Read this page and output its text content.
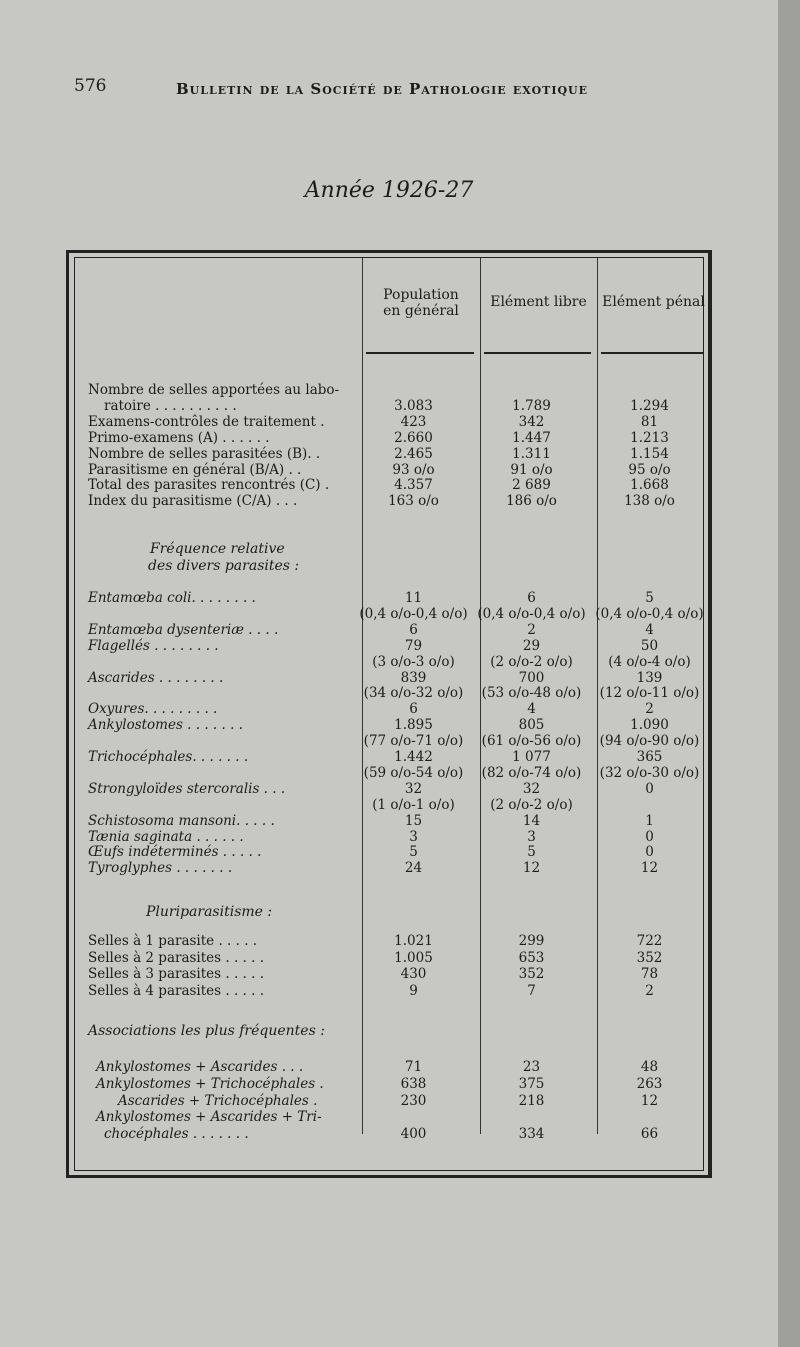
576	Bulletin de la Société de Pathologie exotique
Année 1926-27
Population
en général
Elément libre	Elément pénal
Nombre de selles apportées au labo-
ratoire . . . . . . . . . .	3.083	1.789	1.294
Examens-contrôles de traitement .	423	342	81
Primo-examens (A) . . . . . .	2.660	1.447	1.213
Nombre de selles parasitées (B). .	2.465	1.311	1.154
Parasitisme en général (B/A) . .	93 o/o	91 o/o	95 o/o
Total des parasites rencontrés (C) .	4.357	2 689	1.668
Index du parasitisme (C/A) . . .	163 o/o	186 o/o	138 o/o
Fréquence relative
des divers parasites :
Entamœba coli. . . . . . . .	11	6	5
(0,4 o/o-0,4 o/o) (0,4 o/o-0,4 o/o) (0,4 o/o-0,4 o/o)
Entamœba dysenteriæ . . . .	6	2	4
Flagellés . . . . . . . .	79	29	50
(3 o/o-3 o/o)	(2 o/o-2 o/o)	(4 o/o-4 o/o)
Ascarides . . . . . . . .	839	700	139
(34 o/o-32 o/o)	(53 o/o-48 o/o)	(12 o/o-11 o/o)
Oxyures. . . . . . . . .	6	4	2
Ankylostomes . . . . . . .	1.895	805	1.090
(77 o/o-71 o/o)	(61 o/o-56 o/o)	(94 o/o-90 o/o)
Trichocéphales. . . . . . .	1.442	1 077	365
(59 o/o-54 o/o)	(82 o/o-74 o/o)	(32 o/o-30 o/o)
Strongyloïdes stercoralis . . .	32	32	0
(1 o/o-1 o/o)	(2 o/o-2 o/o)
Schistosoma mansoni. . . . .	15	14	1
Tænia saginata . . . . . .	3	3	0
Œufs indéterminés . . . . .	5	5	0
Tyroglyphes . . . . . . .	24	12	12
Pluriparasitisme :
Selles à 1 parasite . . . . .	1.021	299	722
Selles à 2 parasites . . . . .	1.005	653	352
Selles à 3 parasites . . . . .	430	352	78
Selles à 4 parasites . . . . .	9	7	2
Associations les plus fréquentes :
Ankylostomes + Ascarides . . .	71	23	48
Ankylostomes + Trichocéphales .	638	375	263
Ascarides + Trichocéphales .	230	218	12
Ankylostomes + Ascarides + Tri-
chocéphales . . . . . . .	400	334	66
